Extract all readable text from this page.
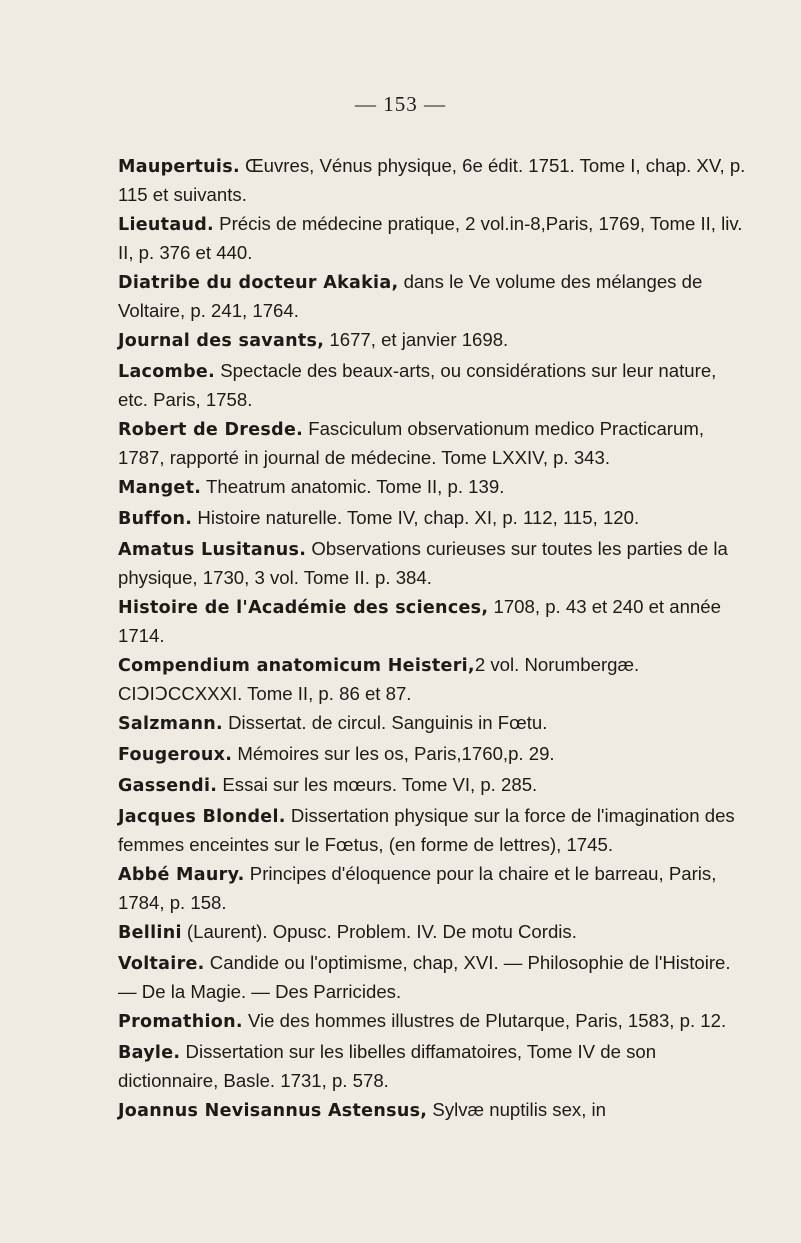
— 153 —

Maupertuis. Œuvres, Vénus physique, 6e édit. 1751. Tome I, chap. XV, p. 115 et suivants.

Lieutaud. Précis de médecine pratique, 2 vol.in-8,Paris, 1769, Tome II, liv. II, p. 376 et 440.

Diatribe du docteur Akakia, dans le Ve volume des mélanges de Voltaire, p. 241, 1764.

Journal des savants, 1677, et janvier 1698.

Lacombe. Spectacle des beaux-arts, ou considérations sur leur nature, etc. Paris, 1758.

Robert de Dresde. Fasciculum observationum medico Practicarum, 1787, rapporté in journal de médecine. Tome LXXIV, p. 343.

Manget. Theatrum anatomic. Tome II, p. 139.

Buffon. Histoire naturelle. Tome IV, chap. XI, p. 112, 115, 120.

Amatus Lusitanus. Observations curieuses sur toutes les parties de la physique, 1730, 3 vol. Tome II. p. 384.

Histoire de l'Académie des sciences, 1708, p. 43 et 240 et année 1714.

Compendium anatomicum Heisteri,2 vol. Norumbergæ. CIↃIↃCCXXXI. Tome II, p. 86 et 87.

Salzmann. Dissertat. de circul. Sanguinis in Fœtu.

Fougeroux. Mémoires sur les os, Paris,1760,p. 29.

Gassendi. Essai sur les mœurs. Tome VI, p. 285.

Jacques Blondel. Dissertation physique sur la force de l'imagination des femmes enceintes sur le Fœtus, (en forme de lettres), 1745.

Abbé Maury. Principes d'éloquence pour la chaire et le barreau, Paris, 1784, p. 158.

Bellini (Laurent). Opusc. Problem. IV. De motu Cordis.

Voltaire. Candide ou l'optimisme, chap, XVI. — Philosophie de l'Histoire. — De la Magie. — Des Parricides.

Promathion. Vie des hommes illustres de Plutarque, Paris, 1583, p. 12.

Bayle. Dissertation sur les libelles diffamatoires, Tome IV de son dictionnaire, Basle. 1731, p. 578.

Joannus Nevisannus Astensus, Sylvæ nuptilis sex, in
